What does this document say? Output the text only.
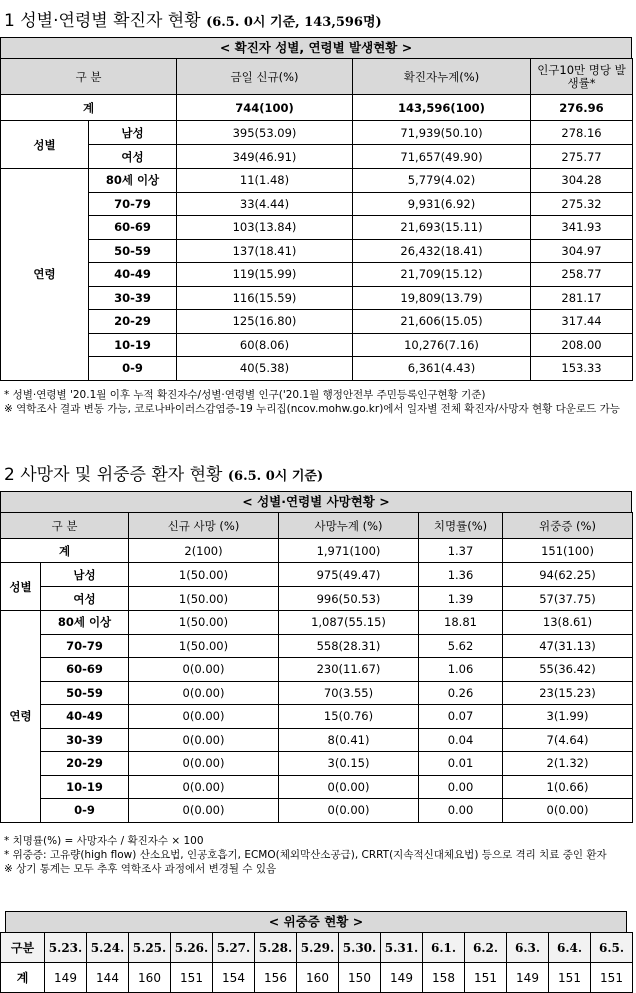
1 성별·연령별 확진자 현황 (6.5. 0시 기준, 143,596명)
< 확진자 성별, 연령별 발생현황 >
구 분		금일 신규(%)	확진자누계(%)	인구10만 명당 발생률*
계		744(100)	143,596(100)	276.96
성별	남성	395(53.09)	71,939(50.10)	278.16
	여성	349(46.91)	71,657(49.90)	275.77
연령	80세 이상	11(1.48)	5,779(4.02)	304.28
	70-79	33(4.44)	9,931(6.92)	275.32
	60-69	103(13.84)	21,693(15.11)	341.93
	50-59	137(18.41)	26,432(18.41)	304.97
	40-49	119(15.99)	21,709(15.12)	258.77
	30-39	116(15.59)	19,809(13.79)	281.17
	20-29	125(16.80)	21,606(15.05)	317.44
	10-19	60(8.06)	10,276(7.16)	208.00
	0-9	40(5.38)	6,361(4.43)	153.33
* 성별·연령별 '20.1월 이후 누적 확진자수/성별·연령별 인구('20.1월 행정안전부 주민등록인구현황 기준)
※ 역학조사 결과 변동 가능, 코로나바이러스감염증-19 누리집(ncov.mohw.go.kr)에서 일자별 전체 확진자/사망자 현황 다운로드 가능
2 사망자 및 위중증 환자 현황 (6.5. 0시 기준)
< 성별·연령별 사망현황 >
구 분		신규 사망 (%)	사망누계 (%)	치명률(%)	위중증 (%)
계		2(100)	1,971(100)	1.37	151(100)
성별	남성	1(50.00)	975(49.47)	1.36	94(62.25)
	여성	1(50.00)	996(50.53)	1.39	57(37.75)
연령	80세 이상	1(50.00)	1,087(55.15)	18.81	13(8.61)
	70-79	1(50.00)	558(28.31)	5.62	47(31.13)
	60-69	0(0.00)	230(11.67)	1.06	55(36.42)
	50-59	0(0.00)	70(3.55)	0.26	23(15.23)
	40-49	0(0.00)	15(0.76)	0.07	3(1.99)
	30-39	0(0.00)	8(0.41)	0.04	7(4.64)
	20-29	0(0.00)	3(0.15)	0.01	2(1.32)
	10-19	0(0.00)	0(0.00)	0.00	1(0.66)
	0-9	0(0.00)	0(0.00)	0.00	0(0.00)
* 치명률(%) = 사망자수 / 확진자수 × 100
* 위중증: 고유량(high flow) 산소요법, 인공호흡기, ECMO(체외막산소공급), CRRT(지속적신대체요법) 등으로 격리 치료 중인 환자
※ 상기 통계는 모두 추후 역학조사 과정에서 변경될 수 있음
< 위중증 현황 >
구분	5.23.	5.24.	5.25.	5.26.	5.27.	5.28.	5.29.	5.30.	5.31.	6.1.	6.2.	6.3.	6.4.	6.5.
계	149	144	160	151	154	156	160	150	149	158	151	149	151	151
